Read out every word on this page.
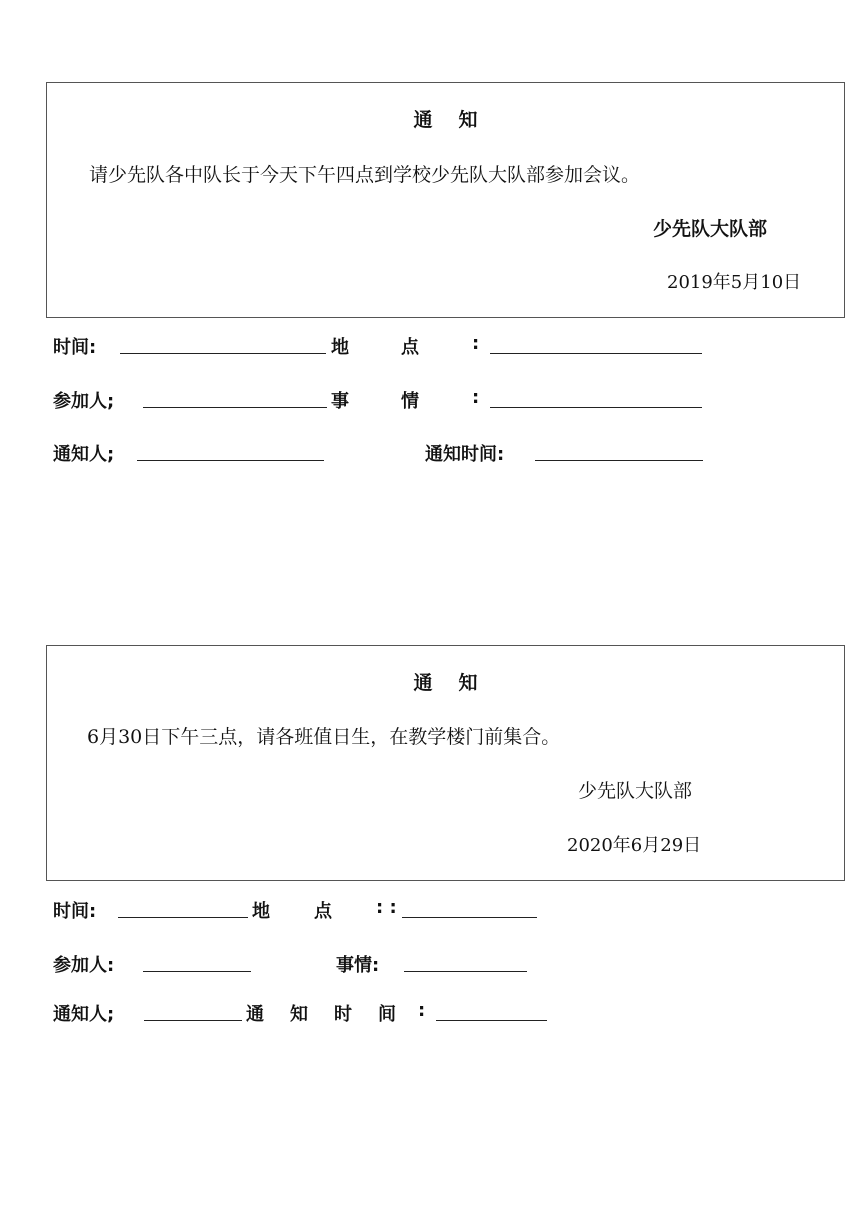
通 知
请少先队各中队长于今天下午四点到学校少先队大队部参加会议。
少先队大队部
2019年5月10日
时间:	地	点	:
参加人;	事	情	:
通知人;	通知时间:
通 知
6月30日下午三点，请各班值日生，在教学楼门前集合。
少先队大队部
2020年6月29日
时间:	地 点 : :
参加人:	事情:
通知人;	通 知 时 间 :
